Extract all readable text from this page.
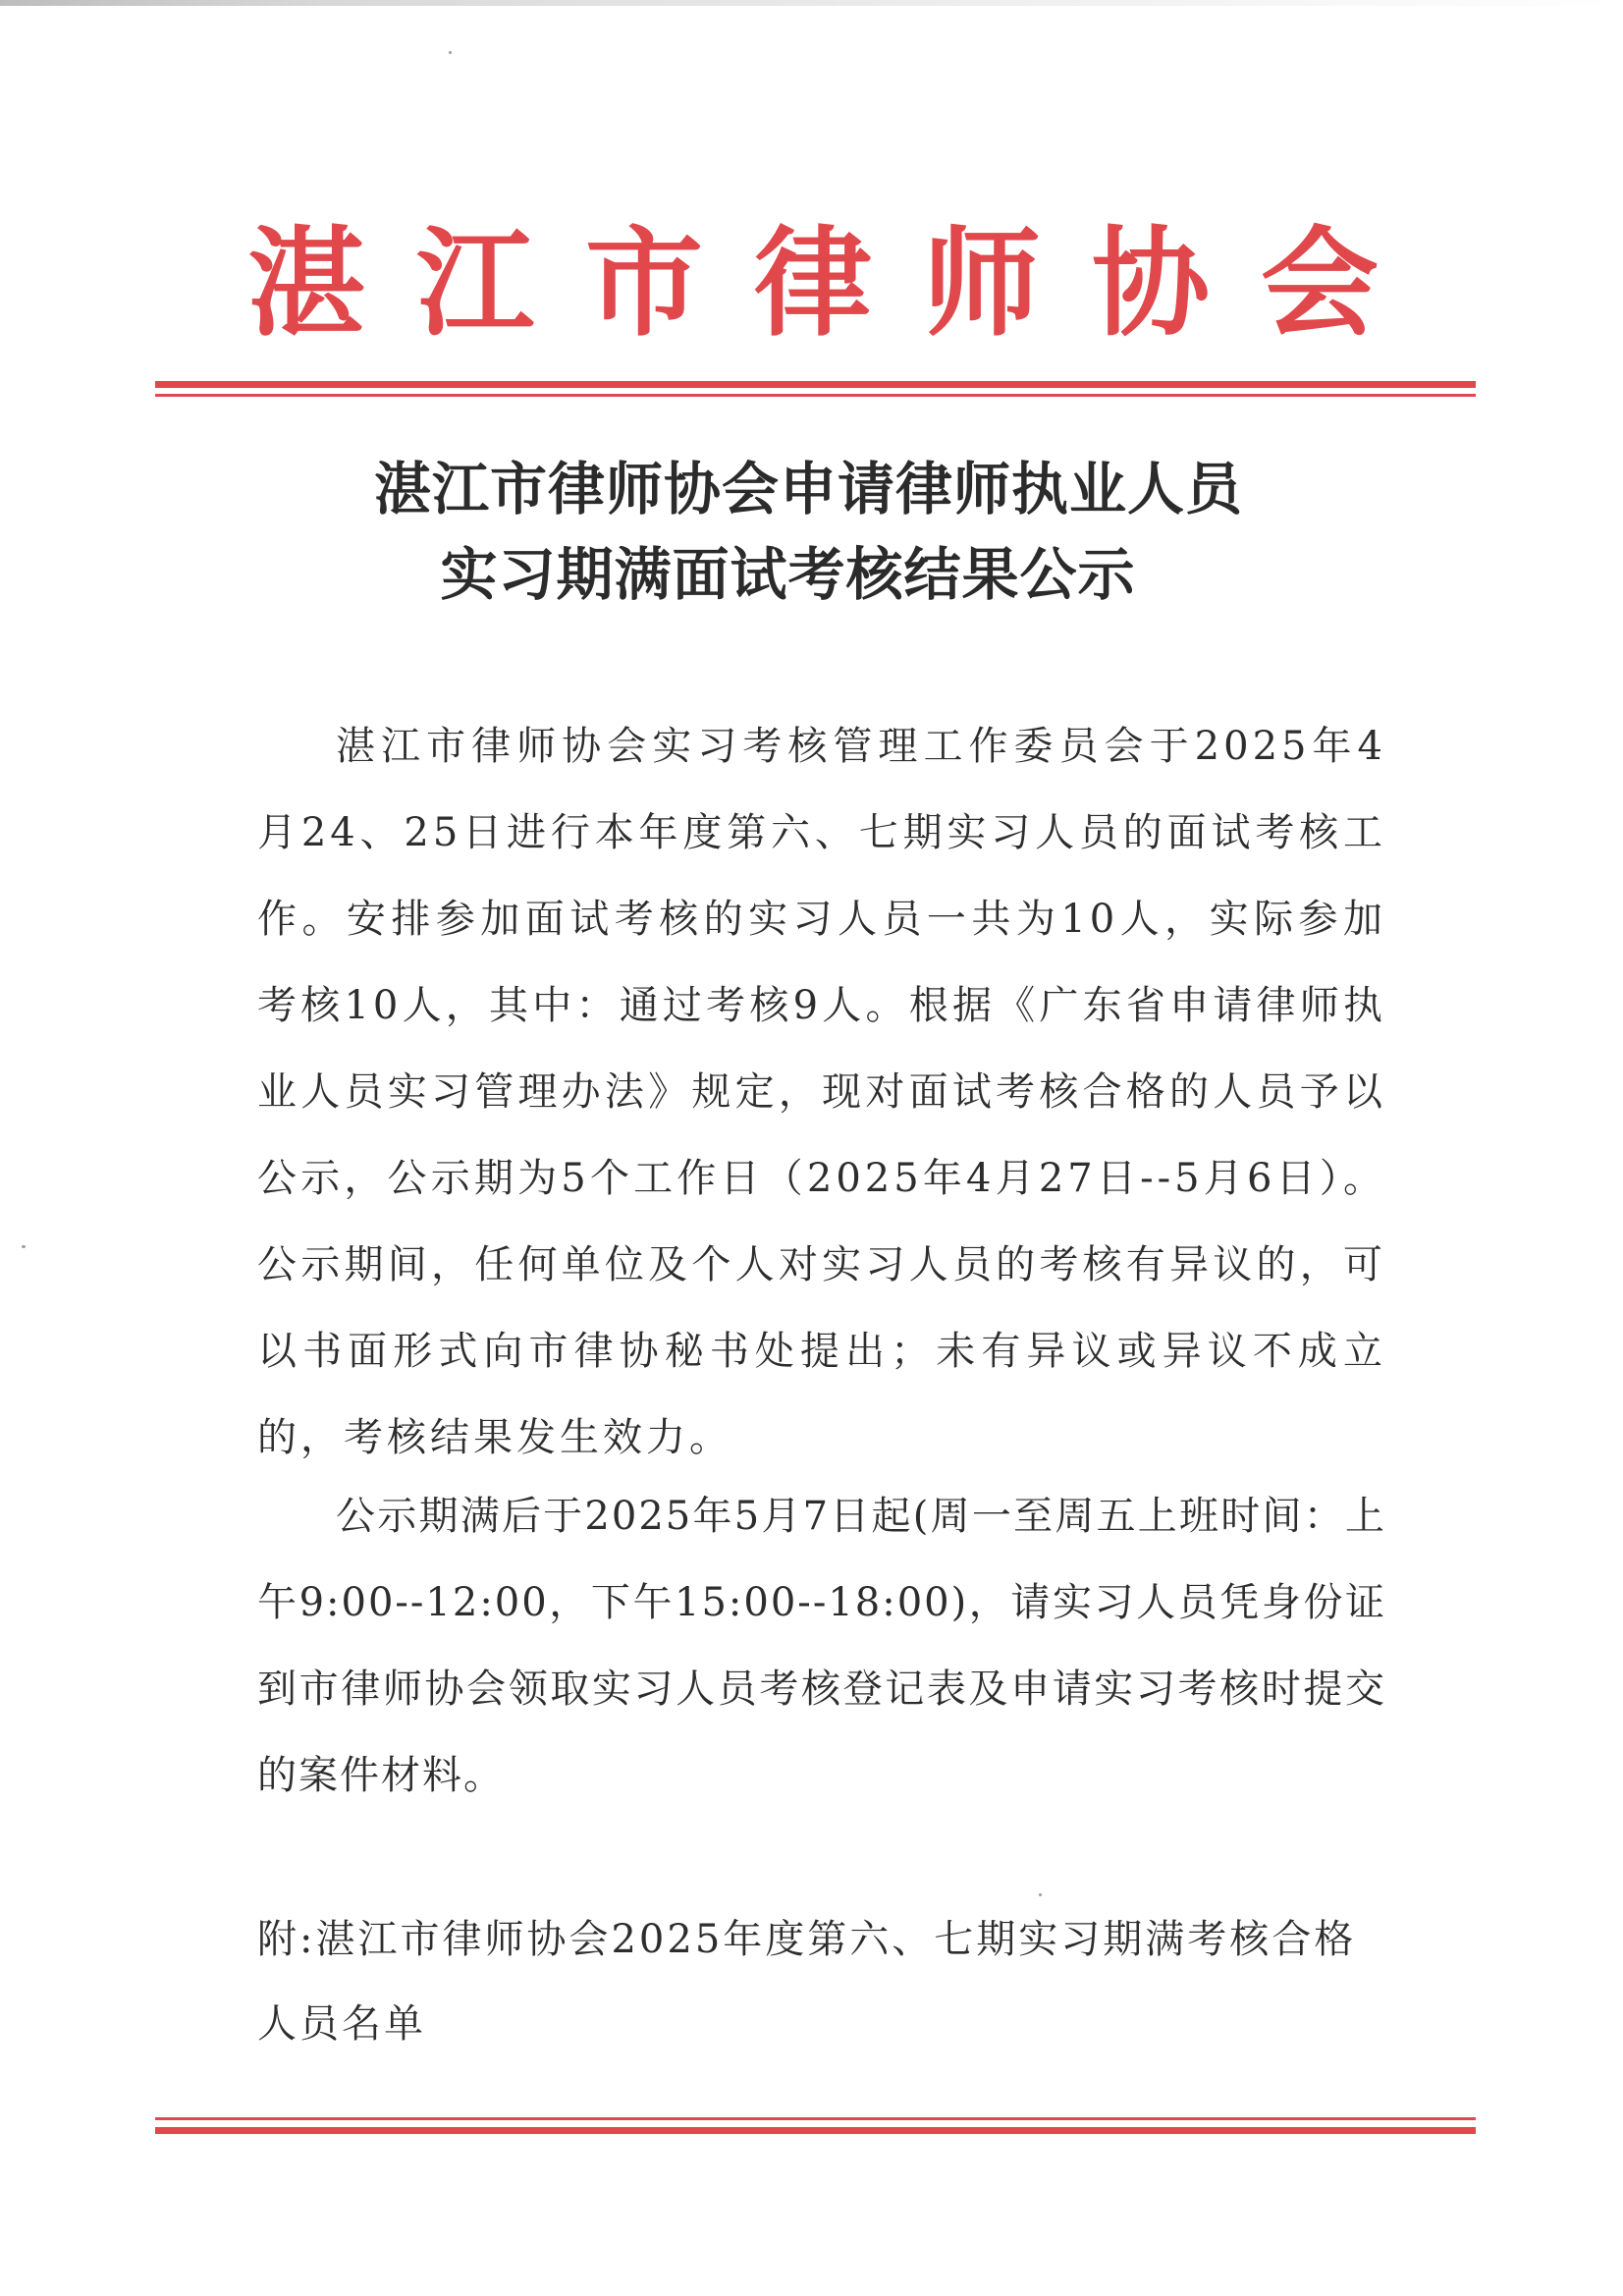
湛江市律师协会
湛江市律师协会申请律师执业人员
实习期满面试考核结果公示

湛江市律师协会实习考核管理工作委员会于2025年4月24、25日进行本年度第六、七期实习人员的面试考核工作。安排参加面试考核的实习人员一共为10人，实际参加考核10人，其中：通过考核9人。根据《广东省申请律师执业人员实习管理办法》规定，现对面试考核合格的人员予以公示，公示期为5个工作日（2025年4月27日--5月6日）。公示期间，任何单位及个人对实习人员的考核有异议的，可以书面形式向市律协秘书处提出；未有异议或异议不成立的，考核结果发生效力。

公示期满后于2025年5月7日起(周一至周五上班时间：上午9:00--12:00，下午15:00--18:00)，请实习人员凭身份证到市律师协会领取实习人员考核登记表及申请实习考核时提交的案件材料。

附:湛江市律师协会2025年度第六、七期实习期满考核合格人员名单
